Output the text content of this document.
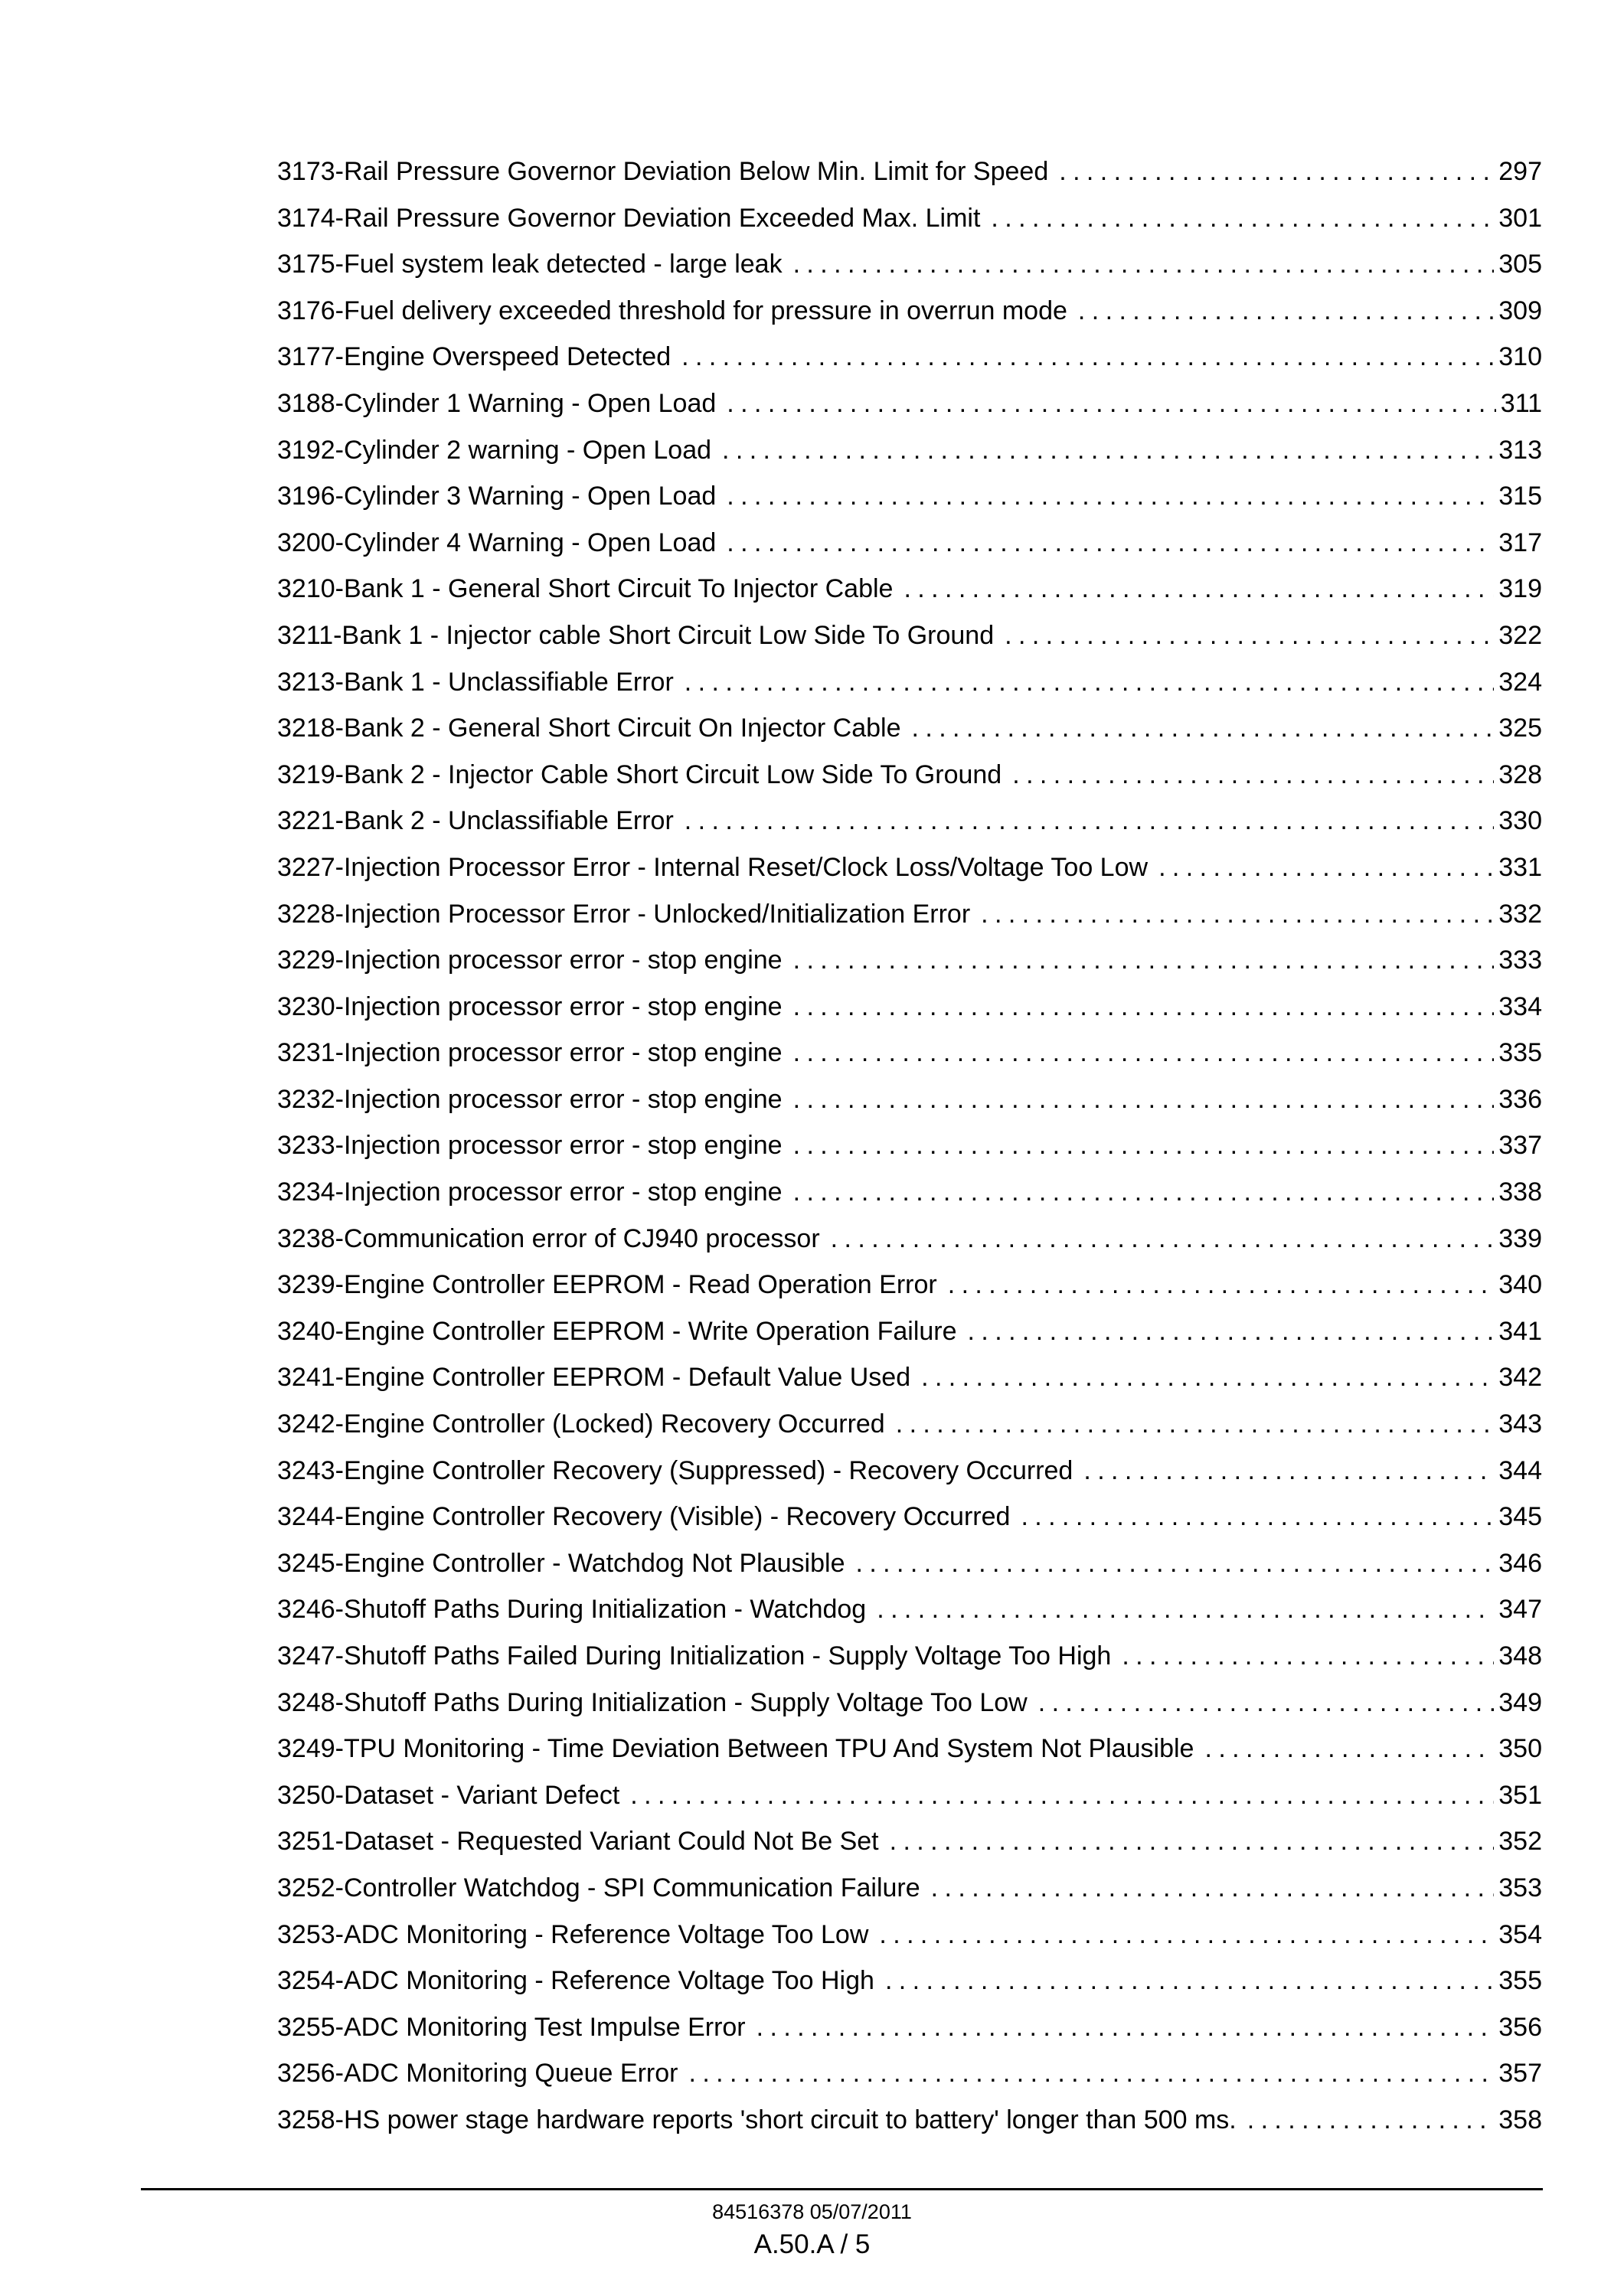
3173-Rail Pressure Governor Deviation Below Min. Limit for Speed .....	297
3174-Rail Pressure Governor Deviation Exceeded Max. Limit .....	301
3175-Fuel system leak detected - large leak .....	305
3176-Fuel delivery exceeded threshold for pressure in overrun mode .....	309
3177-Engine Overspeed Detected .....	310
3188-Cylinder 1 Warning - Open Load .....	311
3192-Cylinder 2 warning - Open Load .....	313
3196-Cylinder 3 Warning - Open Load .....	315
3200-Cylinder 4 Warning - Open Load .....	317
3210-Bank 1 - General Short Circuit To Injector Cable .....	319
3211-Bank 1 - Injector cable Short Circuit Low Side To Ground .....	322
3213-Bank 1 - Unclassifiable Error .....	324
3218-Bank 2 - General Short Circuit On Injector Cable .....	325
3219-Bank 2 - Injector Cable Short Circuit Low Side To Ground .....	328
3221-Bank 2 - Unclassifiable Error .....	330
3227-Injection Processor Error - Internal Reset/Clock Loss/Voltage Too Low .....	331
3228-Injection Processor Error - Unlocked/Initialization Error .....	332
3229-Injection processor error - stop engine .....	333
3230-Injection processor error - stop engine .....	334
3231-Injection processor error - stop engine .....	335
3232-Injection processor error - stop engine .....	336
3233-Injection processor error - stop engine .....	337
3234-Injection processor error - stop engine .....	338
3238-Communication error of CJ940 processor .....	339
3239-Engine Controller EEPROM - Read Operation Error .....	340
3240-Engine Controller EEPROM - Write Operation Failure .....	341
3241-Engine Controller EEPROM - Default Value Used .....	342
3242-Engine Controller (Locked) Recovery Occurred .....	343
3243-Engine Controller Recovery (Suppressed) - Recovery Occurred .....	344
3244-Engine Controller Recovery (Visible) - Recovery Occurred .....	345
3245-Engine Controller - Watchdog Not Plausible .....	346
3246-Shutoff Paths During Initialization - Watchdog .....	347
3247-Shutoff Paths Failed During Initialization - Supply Voltage Too High .....	348
3248-Shutoff Paths During Initialization - Supply Voltage Too Low .....	349
3249-TPU Monitoring - Time Deviation Between TPU And System Not Plausible .....	350
3250-Dataset - Variant Defect .....	351
3251-Dataset - Requested Variant Could Not Be Set .....	352
3252-Controller Watchdog - SPI Communication Failure .....	353
3253-ADC Monitoring - Reference Voltage Too Low .....	354
3254-ADC Monitoring - Reference Voltage Too High .....	355
3255-ADC Monitoring Test Impulse Error .....	356
3256-ADC Monitoring Queue Error .....	357
3258-HS power stage hardware reports 'short circuit to battery' longer than 500 ms. .....	358
84516378 05/07/2011
A.50.A / 5
